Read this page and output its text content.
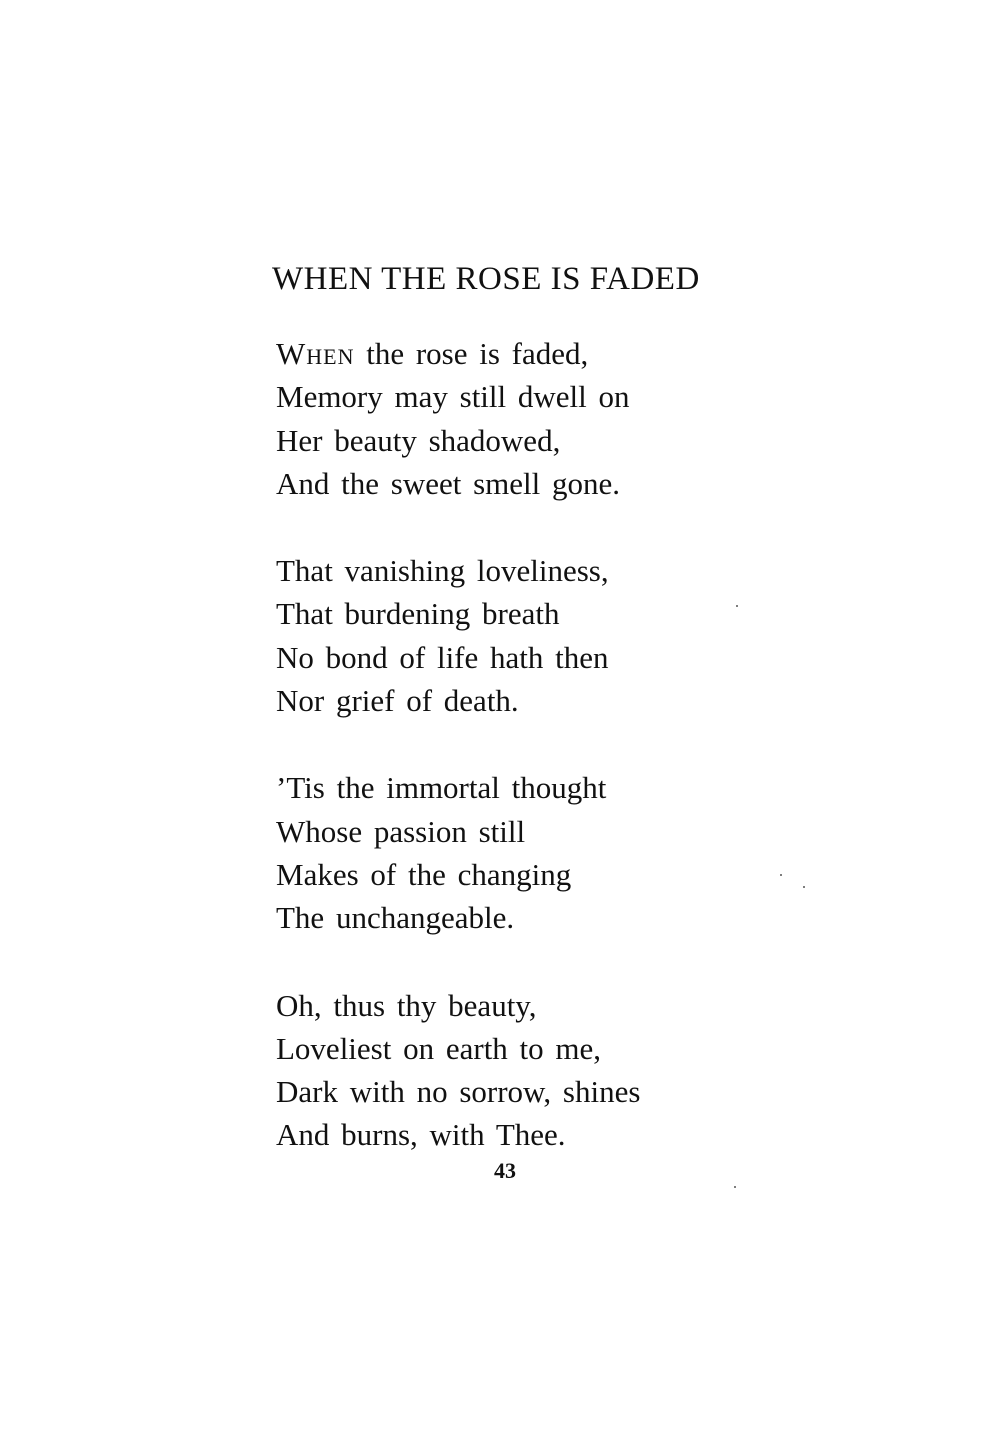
WHEN THE ROSE IS FADED
When the rose is faded,
Memory may still dwell on
Her beauty shadowed,
And the sweet smell gone.
That vanishing loveliness,
That burdening breath
No bond of life hath then
Nor grief of death.
’Tis the immortal thought
Whose passion still
Makes of the changing
The unchangeable.
Oh, thus thy beauty,
Loveliest on earth to me,
Dark with no sorrow, shines
And burns, with Thee.
43
